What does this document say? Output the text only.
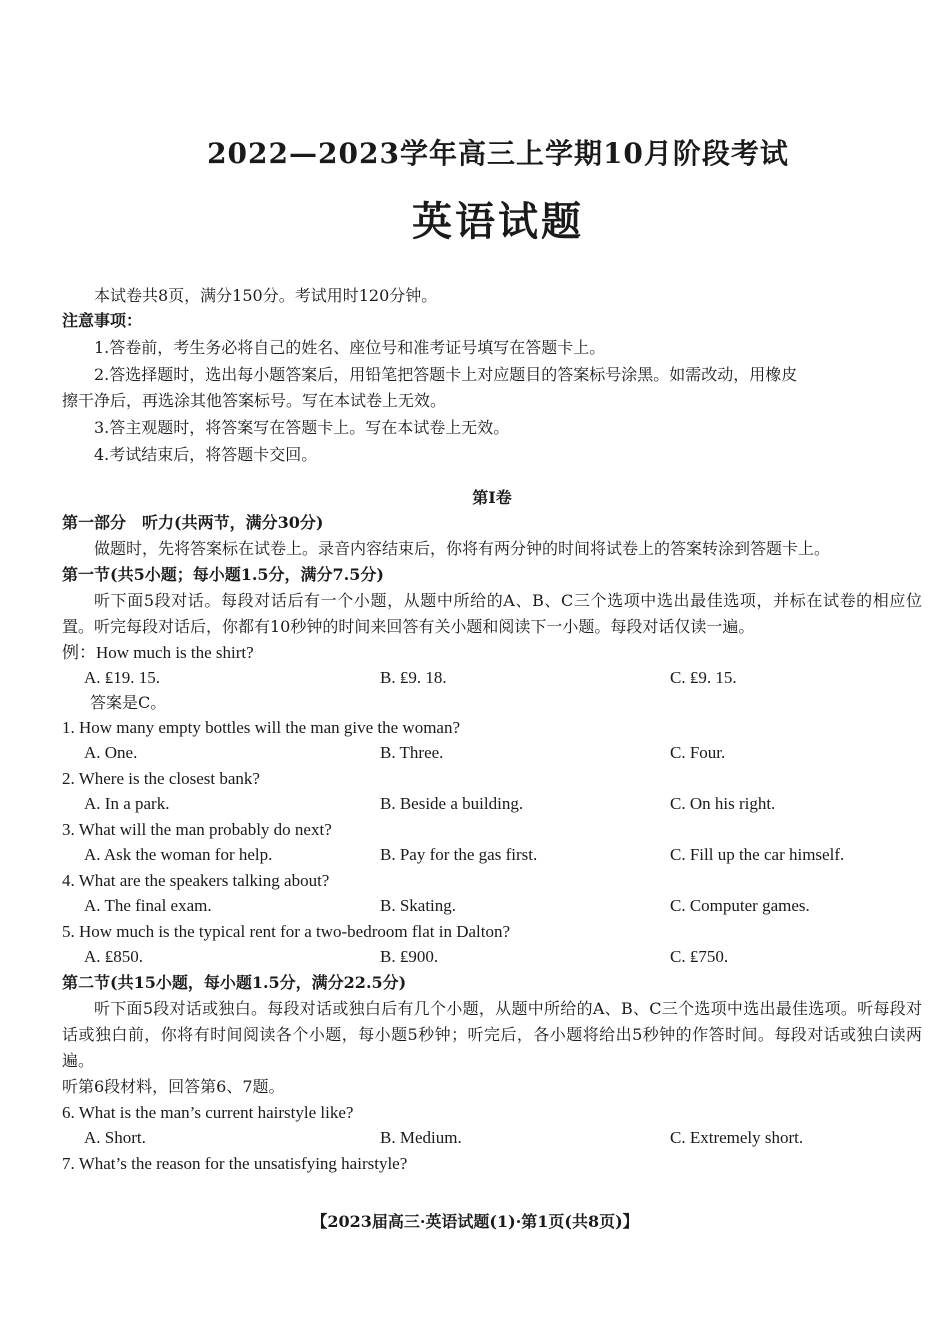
2022—2023学年高三上学期10月阶段考试
英语试题
本试卷共8页，满分150分。考试用时120分钟。
注意事项：
1.答卷前，考生务必将自己的姓名、座位号和准考证号填写在答题卡上。
2.答选择题时，选出每小题答案后，用铅笔把答题卡上对应题目的答案标号涂黑。如需改动，用橡皮
擦干净后，再选涂其他答案标号。写在本试卷上无效。
3.答主观题时，将答案写在答题卡上。写在本试卷上无效。
4.考试结束后，将答题卡交回。
第Ⅰ卷
第一部分　听力(共两节，满分30分)
做题时，先将答案标在试卷上。录音内容结束后，你将有两分钟的时间将试卷上的答案转涂到答题卡上。
第一节(共5小题；每小题1.5分，满分7.5分)
听下面5段对话。每段对话后有一个小题，从题中所给的A、B、C三个选项中选出最佳选项，并标在试卷的相应位置。听完每段对话后，你都有10秒钟的时间来回答有关小题和阅读下一小题。每段对话仅读一遍。
例：How much is the shirt?
A. ₤19. 15.	B. ₤9. 18.	C. ₤9. 15.
答案是C。
1. How many empty bottles will the man give the woman?
A. One.	B. Three.	C. Four.
2. Where is the closest bank?
A. In a park.	B. Beside a building.	C. On his right.
3. What will the man probably do next?
A. Ask the woman for help.	B. Pay for the gas first.	C. Fill up the car himself.
4. What are the speakers talking about?
A. The final exam.	B. Skating.	C. Computer games.
5. How much is the typical rent for a two-bedroom flat in Dalton?
A. ₤850.	B. ₤900.	C. ₤750.
第二节(共15小题，每小题1.5分，满分22.5分)
听下面5段对话或独白。每段对话或独白后有几个小题，从题中所给的A、B、C三个选项中选出最佳选项。听每段对话或独白前，你将有时间阅读各个小题，每小题5秒钟；听完后，各小题将给出5秒钟的作答时间。每段对话或独白读两遍。
听第6段材料，回答第6、7题。
6. What is the man’s current hairstyle like?
A. Short.	B. Medium.	C. Extremely short.
7. What’s the reason for the unsatisfying hairstyle?
【2023届高三·英语试题(1)·第1页(共8页)】
